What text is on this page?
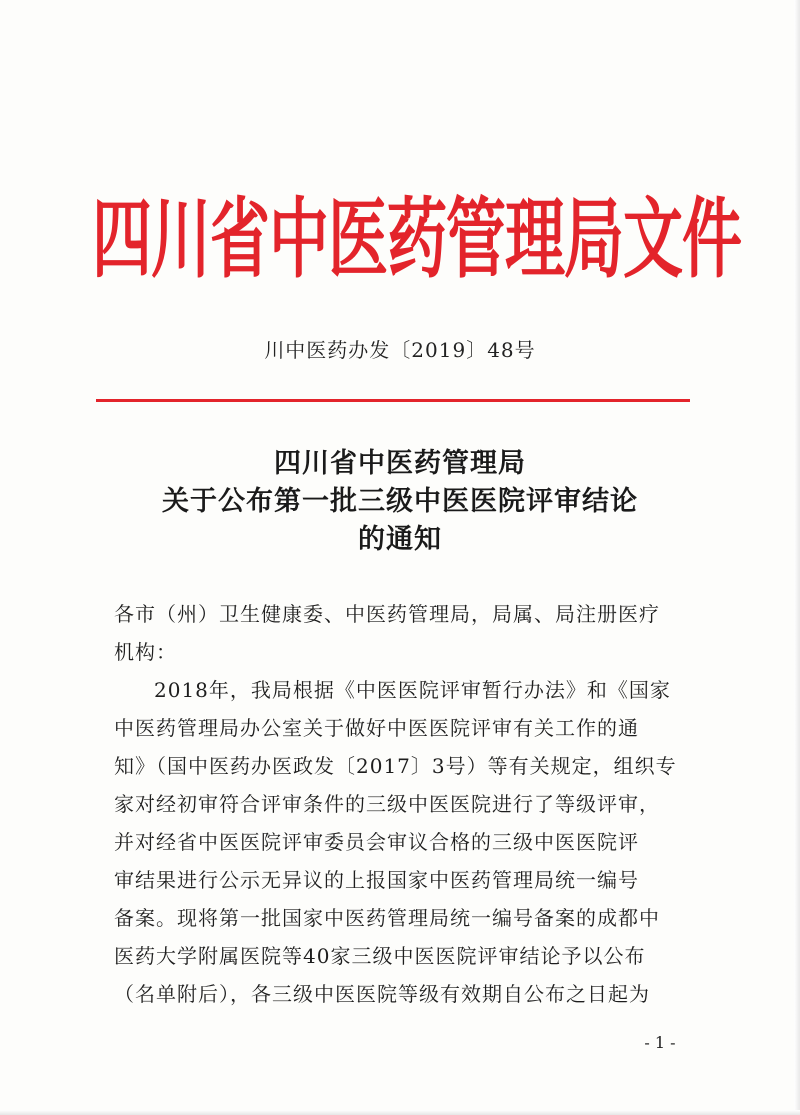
四川省中医药管理局文件
川中医药办发〔2019〕48号
四川省中医药管理局
关于公布第一批三级中医医院评审结论
的通知
各市（州）卫生健康委、中医药管理局，局属、局注册医疗
机构：
2018年，我局根据《中医医院评审暂行办法》和《国家
中医药管理局办公室关于做好中医医院评审有关工作的通
知》（国中医药办医政发〔2017〕3号）等有关规定，组织专
家对经初审符合评审条件的三级中医医院进行了等级评审，
并对经省中医医院评审委员会审议合格的三级中医医院评
审结果进行公示无异议的上报国家中医药管理局统一编号
备案。现将第一批国家中医药管理局统一编号备案的成都中
医药大学附属医院等40家三级中医医院评审结论予以公布
（名单附后），各三级中医医院等级有效期自公布之日起为
- 1 -
